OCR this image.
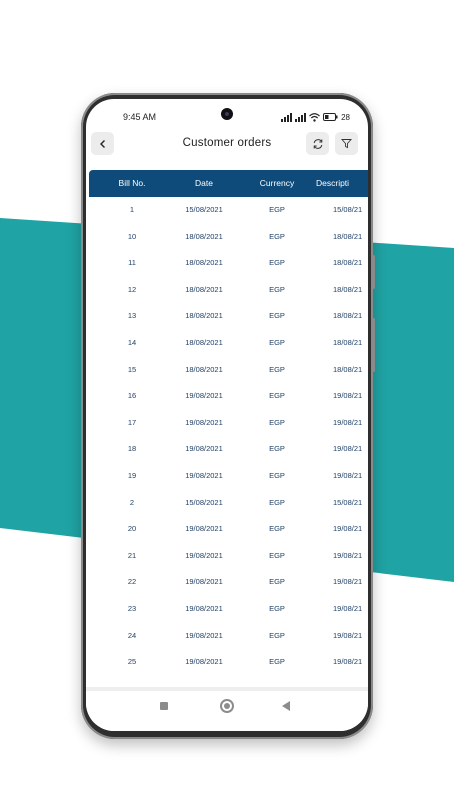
9:45 AM	28
Customer orders
Bill No.	Date	Currency	Descripti
1	15/08/2021	EGP	15/08/21
10	18/08/2021	EGP	18/08/21
11	18/08/2021	EGP	18/08/21
12	18/08/2021	EGP	18/08/21
13	18/08/2021	EGP	18/08/21
14	18/08/2021	EGP	18/08/21
15	18/08/2021	EGP	18/08/21
16	19/08/2021	EGP	19/08/21
17	19/08/2021	EGP	19/08/21
18	19/08/2021	EGP	19/08/21
19	19/08/2021	EGP	19/08/21
2	15/08/2021	EGP	15/08/21
20	19/08/2021	EGP	19/08/21
21	19/08/2021	EGP	19/08/21
22	19/08/2021	EGP	19/08/21
23	19/08/2021	EGP	19/08/21
24	19/08/2021	EGP	19/08/21
25	19/08/2021	EGP	19/08/21
